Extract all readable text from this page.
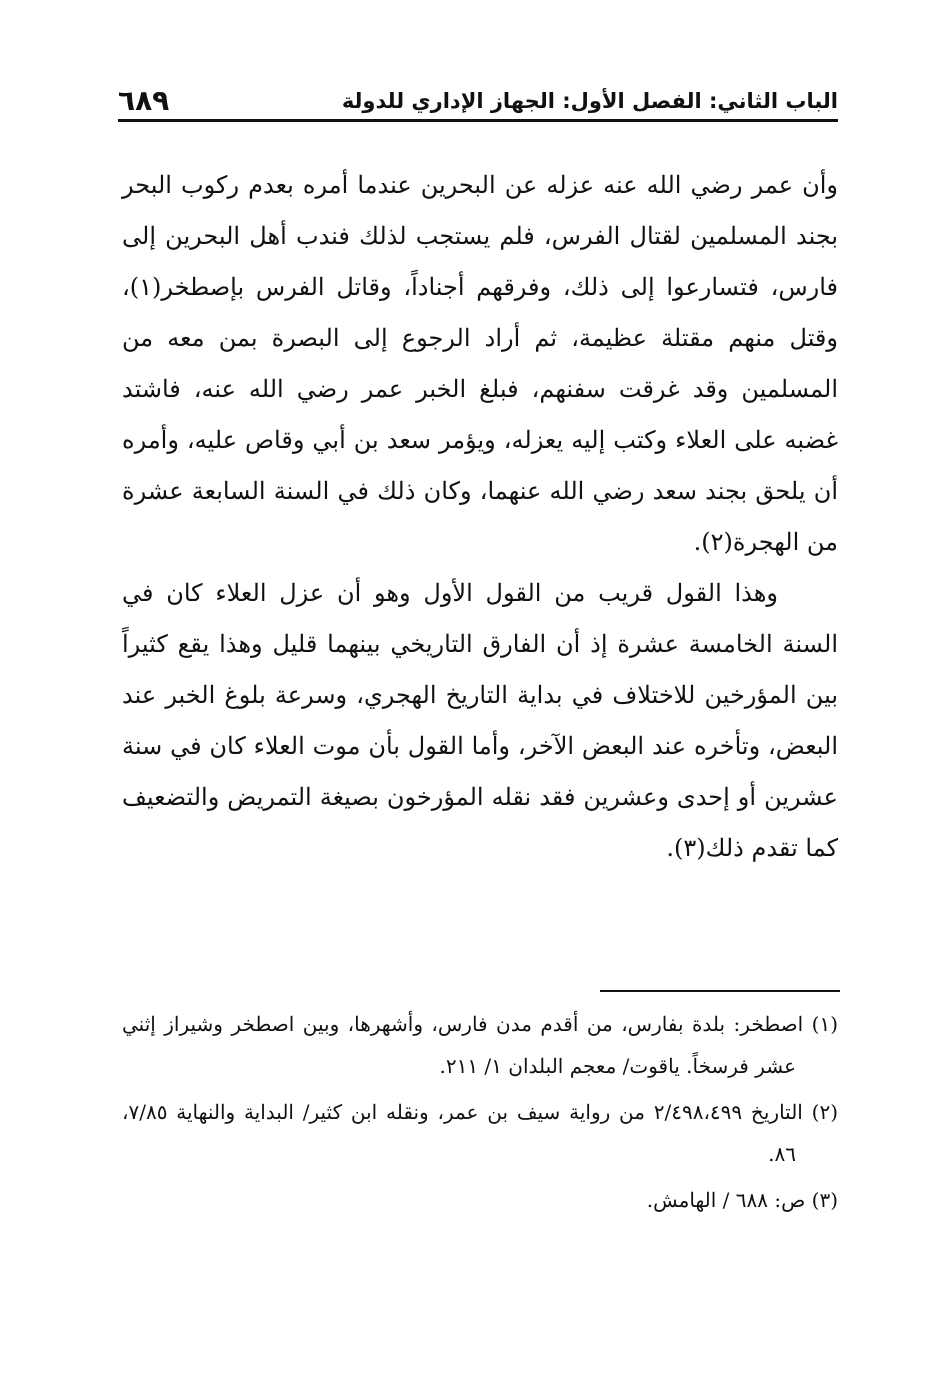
الباب الثاني: الفصل الأول: الجهاز الإداري للدولة
٦٨٩

وأن عمر رضي الله عنه عزله عن البحرين عندما أمره بعدم ركوب البحر بجند المسلمين لقتال الفرس، فلم يستجب لذلك فندب أهل البحرين إلى فارس، فتسارعوا إلى ذلك، وفرقهم أجناداً، وقاتل الفرس بإصطخر(١)، وقتل منهم مقتلة عظيمة، ثم أراد الرجوع إلى البصرة بمن معه من المسلمين وقد غرقت سفنهم، فبلغ الخبر عمر رضي الله عنه، فاشتد غضبه على العلاء وكتب إليه يعزله، ويؤمر سعد بن أبي وقاص عليه، وأمره أن يلحق بجند سعد رضي الله عنهما، وكان ذلك في السنة السابعة عشرة من الهجرة(٢).

وهذا القول قريب من القول الأول وهو أن عزل العلاء كان في السنة الخامسة عشرة إذ أن الفارق التاريخي بينهما قليل وهذا يقع كثيراً بين المؤرخين للاختلاف في بداية التاريخ الهجري، وسرعة بلوغ الخبر عند البعض، وتأخره عند البعض الآخر، وأما القول بأن موت العلاء كان في سنة عشرين أو إحدى وعشرين فقد نقله المؤرخون بصيغة التمريض والتضعيف كما تقدم ذلك(٣).

(١) اصطخر: بلدة بفارس، من أقدم مدن فارس، وأشهرها، وبين اصطخر وشيراز إثني عشر فرسخاً. ياقوت/ معجم البلدان ١/ ٢١١.

(٢) التاريخ ٢/٤٩٨،٤٩٩ من رواية سيف بن عمر، ونقله ابن كثير/ البداية والنهاية ٧/٨٥، ٨٦.

(٣) ص: ٦٨٨ / الهامش.
